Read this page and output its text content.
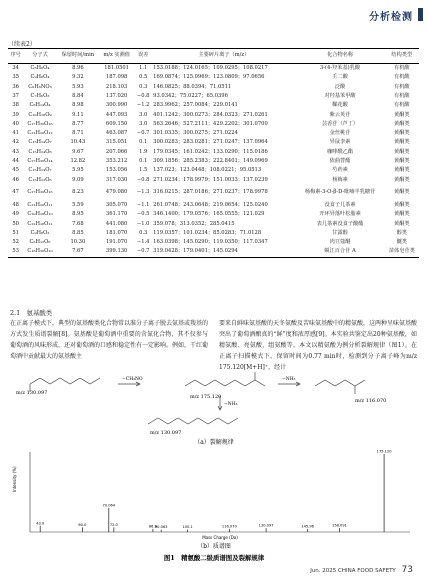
分析检测
（续表2）
序号	分子式	保留时间/min	m/z 实测值	误差	主要碎片离子（m/z）	化合物名称	结构类型
34	C₆H₆O₄	8.96	181.0501	1.1	153.0188；124.0165；109.0295；108.0217	3-(4-羟苯基)乳酸	有机酸
35	C₉H₈O₄	9.32	187.098	0.5	169.0874；125.0969；123.0809；97.0656	壬二酸	有机酸
36	C₆H₆NO₃	5.93	218.103	0.3	146.0825；88.0394；71.0511	泛酸	有机酸
37	C₇H₆O₃	8.84	137.020	−0.8	93.0342；75.0227；65.0396	对羟基苯甲酸	有机酸
38	C₈H₁₄O₄	8.98	300.990	−1.2	283.9962；257.0084；229.0141	鞣花酸	有机酸
39	C₂₀H₁₈O₉	9.11	447.093	3.0	401.1242；300.0273；284.0323；271.0261	紫云英苷	黄酮类
40	C₂₇H₃₀O₁₆	8.77	609.150	3.0	563.2646；527.2111；429.2202；301.0700	芸香苷（芦丁）	黄酮类
41	C₂₁H₂₀O₁₂	8.71	463.087	−0.7	301.0335；300.0275；271.0224	金丝桃苷	黄酮类
42	C₁₅H₁₄O₇	10.43	315.051	0.1	300.0283；283.0281；271.0247；137.0964	异鼠李素	黄酮类
43	C₁₅H₁₄O₆	9.67	207.066	1.9	179.0345；161.0242；133.0290；115.0186	咖啡酰乙酯	黄酮类
44	C₂₇H₃₀O₁₄	12.82	353.212	0.1	309.1856；285.2383；222.8401；149.0969	依曲替酯	黄酮类
45	C₁₅H₁₄O₇	5.95	153.056	1.5	137.023；123.0448；108.0221；95.0513	芍药素	黄酮类
46	C₁₅H₁₂O₆	9.09	317.030	−0.8	271.0234；178.9979；151.0033；137.0239	杨梅素	黄酮类
47	C₂₇H₃₀O₁₆	8.23	479.080	−1.3	316.0215；287.0186；271.0237；178.9978	杨梅素-3-O-β-D-吡喃半乳糖苷	黄酮类
48	C₂₁H₂₀O₁₁	5.59	305.070	−1.1	261.0748；243.0648；219.0654；125.0240	没食子儿茶素	黄酮类
49	C₂₀H₁₈O₁₀	8.95	361.170	−0.5	346.1400；179.0576；165.0555；121.029	开环异落叶松脂素	黄酮类
50	C₂₂H₁₈O₁₁	7.68	441.080	−1.0	359.078；313.0352；285.0415	表儿茶素没食子酸酯	黄酮类
51	C₉H₈O₃	8.85	181.070	0.3	119.0357；101.0234；85.0283；71.0128	甘露醇	醇类
52	C₆H₁₂O₆	10.30	191.070	−1.4	163.0398；145.0290；119.0350；117.0347	肉豆蔻醚	醚类
53	C₁₆H₃₀O₁₀	7.67	399.130	−0.7	319.0428；179.0401；145.0294	蜕江百合苷 A	苗体皂苷类
2.1　氨基酸类
在正离子模式下，典型的氨基酸类化合物常以准分子离子脱去氨基或羧基的方式发生质谱裂解[8]。氨基酸是葡萄酒中重要的含氮化合物，其不仅参与葡萄酒的风味形成，还对葡萄酒的口感和稳定性有一定影响。例如，干红葡萄酒中贡献最大的氨基酸主
要来自鲜味氨基酸的天冬氨酸及苦味氨基酸中的精氨酸，这两种呈味氨基酸突出了葡萄酒酿真的“鲜”度和浓厚感[9]。本实验共鉴定出20种氨基酸，如精氨酸、亮氨酸、组氨酸等。本文以精氨酸为例分析裂解规律（图1）。在正离子扫描模式下，保留时间为0.77 min时，检测到分子离子峰为m/z 175.120[M+H]⁺，经计
m/z 130.097
−CH₃NO
m/z 175.120
−NH₃
m/z 116.070
−NH₃
m/z 130.097
（a）裂解规律
43.9	60.0
70.064
72.0	86.9
90.063	100.1	116.070	130.097	145.96	158.091
175.120
Intensity (%)
Mass Charge (Da)
（b）质谱图
图1　精氨酸二级质谱图及裂解规律
Jun. 2025 CHINA FOOD SAFETY 73
